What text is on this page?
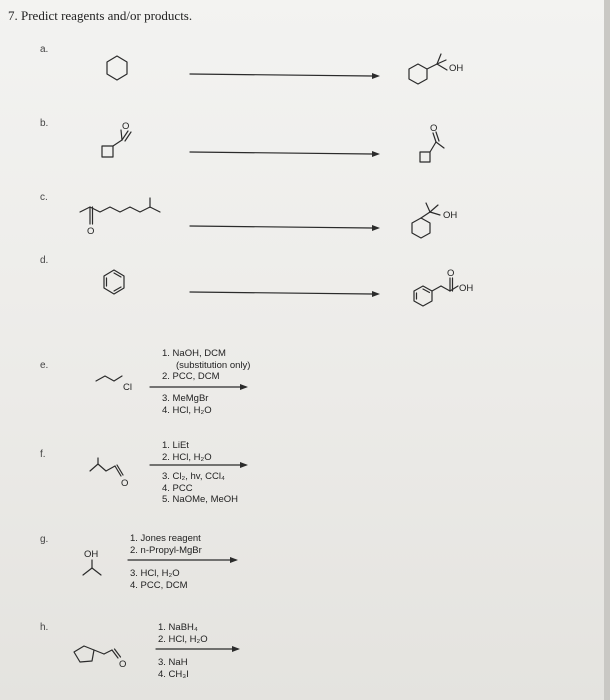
7. Predict reagents and/or products.
a.
b.
c.
d.
e.
f.
g.
h.
OH
O	O
O
OH
O
OH
Cl
O
OH
O
1. NaOH, DCM
(substitution only)
2. PCC, DCM
3. MeMgBr
4. HCl, H₂O
1. LiEt
2. HCl, H₂O
3. Cl₂, hv, CCl₄
4. PCC
5. NaOMe, MeOH
1. Jones reagent
2. n-Propyl-MgBr
3. HCl, H₂O
4. PCC, DCM
1. NaBH₄
2. HCl, H₂O
3. NaH
4. CH₃I
